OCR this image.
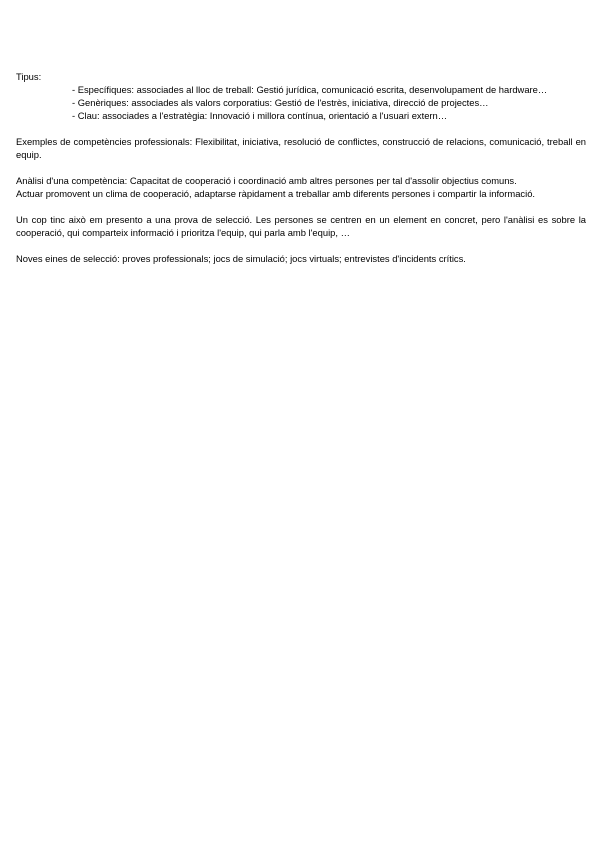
Tipus:

- Específiques: associades al lloc de treball: Gestió jurídica, comunicació escrita, desenvolupament de hardware…
- Genèriques: associades als valors corporatius: Gestió de l'estrès, iniciativa, direcció de projectes…
- Clau: associades a l'estratègia: Innovació i millora contínua, orientació a l'usuari extern…

Exemples de competències professionals: Flexibilitat, iniciativa, resolució de conflictes, construcció de relacions, comunicació, treball en equip.

Anàlisi d'una competència: Capacitat de cooperació i coordinació amb altres persones per tal d'assolir objectius comuns.

Actuar promovent un clima de cooperació, adaptarse ràpidament a treballar amb diferents persones i compartir la informació.

Un cop tinc això em presento a una prova de selecció. Les persones se centren en un element en concret, pero l'anàlisi es sobre la cooperació, qui comparteix informació i prioritza l'equip, qui parla amb l'equip, …

Noves eines de selecció: proves professionals; jocs de simulació; jocs virtuals; entrevistes d'incidents crítics.
